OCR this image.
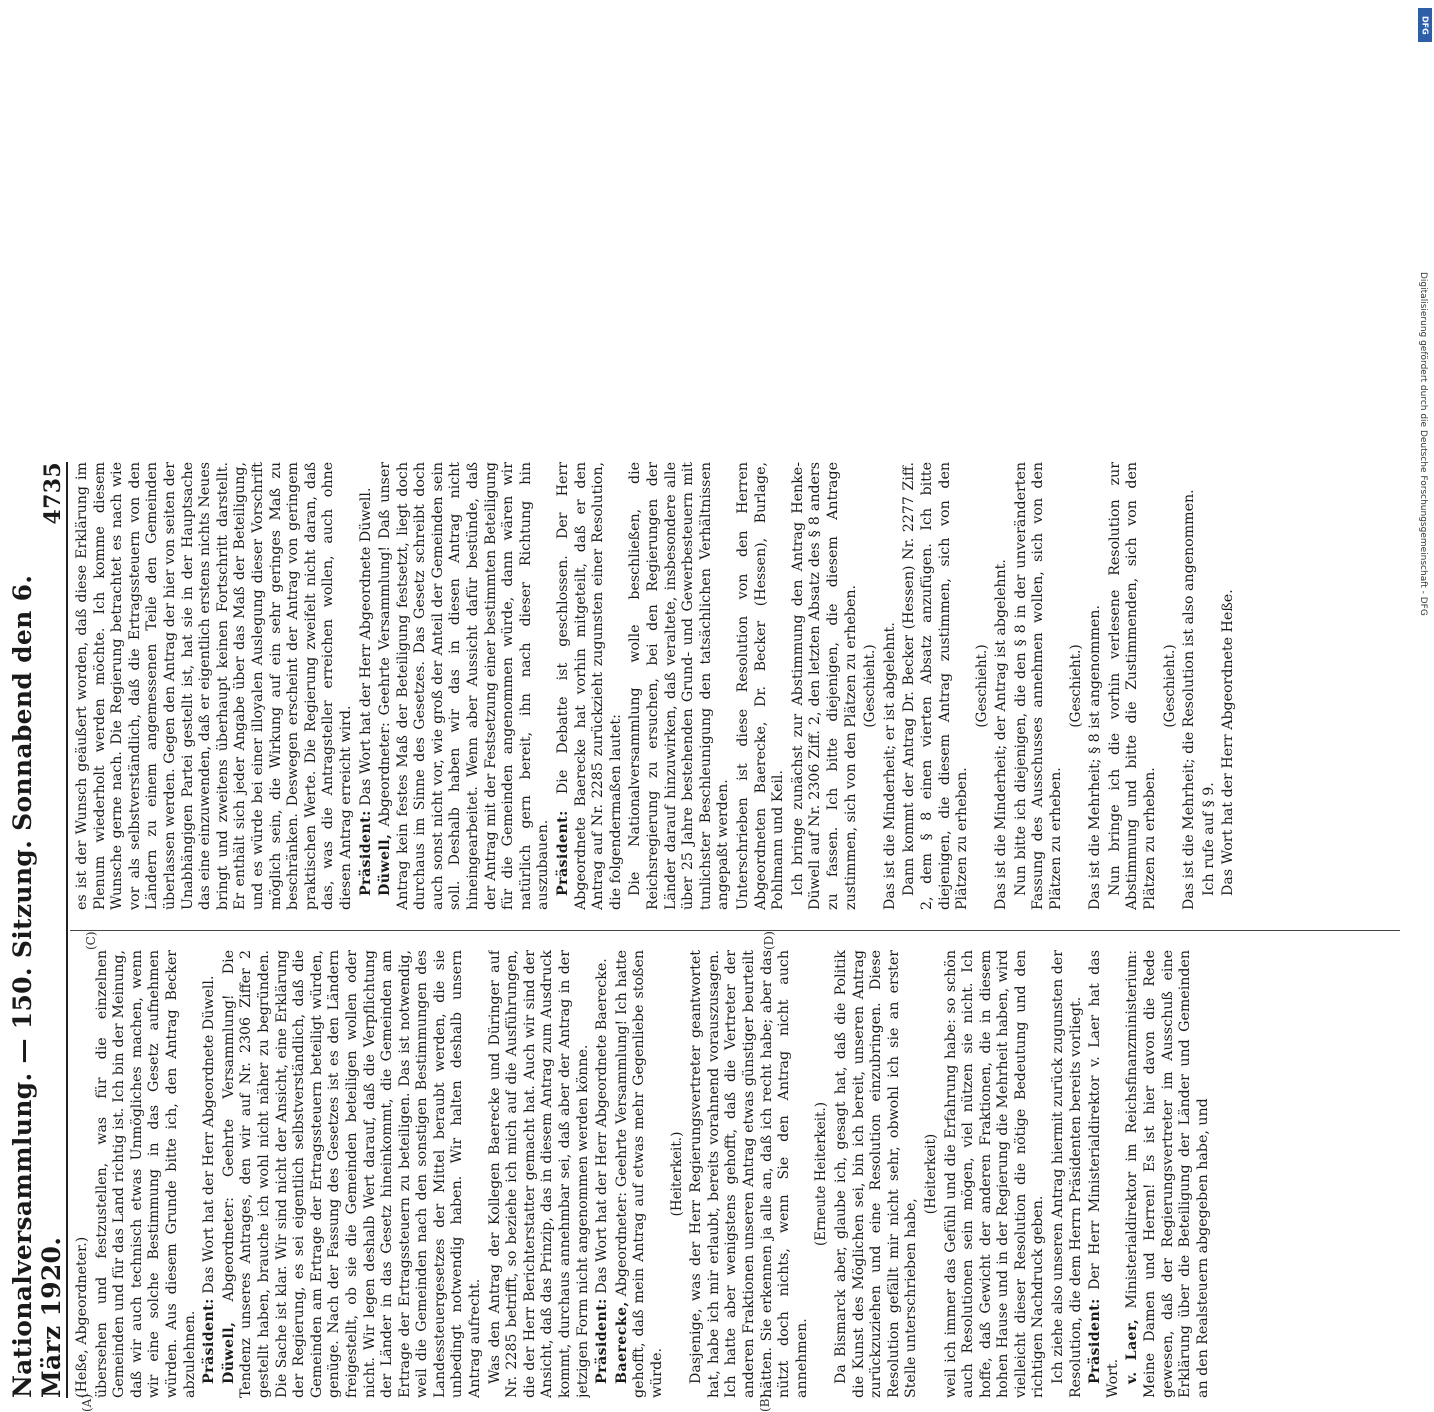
Nationalversammlung. — 150. Sitzung. Sonnabend den 6. März 1920.
4735
(A)	(B)
(C)	(D)

(Heße, Abgeordneter.) übersehen und festzustellen, was für die einzelnen Gemeinden und für das Land richtig ist. Ich bin der Meinung, daß wir auch technisch etwas Unmögliches machen, wenn wir eine solche Bestimmung in das Gesetz aufnehmen würden. Aus diesem Grunde bitte ich, den Antrag Becker abzulehnen. Präsident: Das Wort hat der Herr Abgeordnete Düwell.

Düwell, Abgeordneter: Geehrte Versammlung! Die Tendenz unseres Antrages, den wir auf Nr. 2306 Ziffer 2 gestellt haben, brauche ich wohl nicht näher zu begründen. Die Sache ist klar. Wir sind nicht der Ansicht, eine Erklärung der Regierung, es sei eigentlich selbstverständlich, daß die Gemeinden am Ertrage der Ertragssteuern beteiligt würden, genüge. Nach der Fassung des Gesetzes ist es den Ländern freigestellt, ob sie die Gemeinden beteiligen wollen oder nicht. Wir legen deshalb Wert darauf, daß die Verpflichtung der Länder in das Gesetz hineinkommt, die Gemeinden am Ertrage der Ertragssteuern zu beteiligen. Das ist notwendig, weil die Gemeinden nach den sonstigen Bestimmungen des Landessteuergesetzes der Mittel beraubt werden, die sie unbedingt notwendig haben. Wir halten deshalb unsern Antrag aufrecht. Was den Antrag der Kollegen Baerecke und Düringer auf Nr. 2285 betrifft, so beziehe ich mich auf die Ausführungen, die der Herr Berichterstatter gemacht hat. Auch wir sind der Ansicht, daß das Prinzip, das in diesem Antrag zum Ausdruck kommt, durchaus annehmbar sei, daß aber der Antrag in der jetzigen Form nicht angenommen werden könne. Präsident: Das Wort hat der Herr Abgeordnete Baerecke.

Baerecke, Abgeordneter: Geehrte Versammlung! Ich hatte gehofft, daß mein Antrag auf etwas mehr Gegenliebe stoßen würde.

(Heiterkeit.) Dasjenige, was der Herr Regierungsvertreter geantwortet hat, habe ich mir erlaubt, bereits vorahnend vorauszusagen. Ich hatte aber wenigstens gehofft, daß die Vertreter der anderen Fraktionen unseren Antrag etwas günstiger beurteilt hätten. Sie erkennen ja alle an, daß ich recht habe; aber das nützt doch nichts, wenn Sie den Antrag nicht auch annehmen.

(Erneute Heiterkeit.) Da Bismarck aber, glaube ich, gesagt hat, daß die Politik die Kunst des Möglichen sei, bin ich bereit, unseren Antrag zurückzuziehen und eine Resolution einzubringen. Diese Resolution gefällt mir nicht sehr, obwohl ich sie an erster Stelle unterschrieben habe,

(Heiterkeit) weil ich immer das Gefühl und die Erfahrung habe: so schön auch Resolutionen sein mögen, viel nützen sie nicht. Ich hoffe, daß Gewicht der anderen Fraktionen, die in diesem hohen Hause und in der Regierung die Mehrheit haben, wird vielleicht dieser Resolution die nötige Bedeutung und den richtigen Nachdruck geben. Ich ziehe also unseren Antrag hiermit zurück zugunsten der Resolution, die dem Herrn Präsidenten bereits vorliegt. Präsident: Der Herr Ministerialdirektor v. Laer hat das Wort. v. Laer, Ministerialdirektor im Reichsfinanzministerium: Meine Damen und Herren! Es ist hier davon die Rede gewesen, daß der Regierungsvertreter im Ausschuß eine Erklärung über die Beteiligung der Länder und Gemeinden an den Realsteuern abgegeben habe, und

es ist der Wunsch geäußert worden, daß diese Erklärung im Plenum wiederholt werden möchte. Ich komme diesem Wunsche gerne nach. Die Regierung betrachtet es nach wie vor als selbstverständlich, daß die Ertragssteuern von den Ländern zu einem angemessenen Teile den Gemeinden überlassen werden. Gegen den Antrag der hier von seiten der Unabhängigen Partei gestellt ist, hat sie in der Hauptsache das eine einzuwenden, daß er eigentlich erstens nichts Neues bringt und zweitens überhaupt keinen Fortschritt darstellt. Er enthält sich jeder Angabe über das Maß der Beteiligung, und es würde bei einer illoyalen Auslegung dieser Vorschrift möglich sein, die Wirkung auf ein sehr geringes Maß zu beschränken. Deswegen erscheint der Antrag von geringem praktischen Werte. Die Regierung zweifelt nicht daran, daß das, was die Antragsteller erreichen wollen, auch ohne diesen Antrag erreicht wird. Präsident: Das Wort hat der Herr Abgeordnete Düwell.

Düwell, Abgeordneter: Geehrte Versammlung! Daß unser Antrag kein festes Maß der Beteiligung festsetzt, liegt doch durchaus im Sinne des Gesetzes. Das Gesetz schreibt doch auch sonst nicht vor, wie groß der Anteil der Gemeinden sein soll. Deshalb haben wir das in diesen Antrag nicht hineingearbeitet. Wenn aber Aussicht dafür bestünde, daß der Antrag mit der Festsetzung einer bestimmten Beteiligung für die Gemeinden angenommen würde, dann wären wir natürlich gern bereit, ihn nach dieser Richtung hin auszubauen. Präsident: Die Debatte ist geschlossen. Der Herr Abgeordnete Baerecke hat vorhin mitgeteilt, daß er den Antrag auf Nr. 2285 zurückzieht zugunsten einer Resolution, die folgendermaßen lautet: Die Nationalversammlung wolle beschließen, die Reichsregierung zu ersuchen, bei den Regierungen der Länder darauf hinzuwirken, daß veraltete, insbesondere alle über 25 Jahre bestehenden Grund- und Gewerbesteuern mit tunlichster Beschleunigung den tatsächlichen Verhältnissen angepaßt werden. Unterschrieben ist diese Resolution von den Herren Abgeordneten Baerecke, Dr. Becker (Hessen), Burlage, Pohlmann und Keil. Ich bringe zunächst zur Abstimmung den Antrag Henke-Düwell auf Nr. 2306 Ziff. 2, den letzten Absatz des § 8 anders zu fassen. Ich bitte diejenigen, die diesem Antrage zustimmen, sich von den Plätzen zu erheben. (Geschieht.) Das ist die Minderheit; er ist abgelehnt. Dann kommt der Antrag Dr. Becker (Hessen) Nr. 2277 Ziff. 2, dem § 8 einen vierten Absatz anzufügen. Ich bitte diejenigen, die diesem Antrag zustimmen, sich von den Plätzen zu erheben.

(Geschieht.) Das ist die Minderheit; der Antrag ist abgelehnt. Nun bitte ich diejenigen, die den § 8 in der unveränderten Fassung des Ausschusses annehmen wollen, sich von den Plätzen zu erheben.

(Geschieht.) Das ist die Mehrheit; § 8 ist angenommen. Nun bringe ich die vorhin verlesene Resolution zur Abstimmung und bitte die Zustimmenden, sich von den Plätzen zu erheben.

(Geschieht.) Das ist die Mehrheit; die Resolution ist also angenommen. Ich rufe auf § 9. Das Wort hat der Herr Abgeordnete Heße.

DFG
Digitalisierung gefördert durch die Deutsche Forschungsgemeinschaft - DFG
